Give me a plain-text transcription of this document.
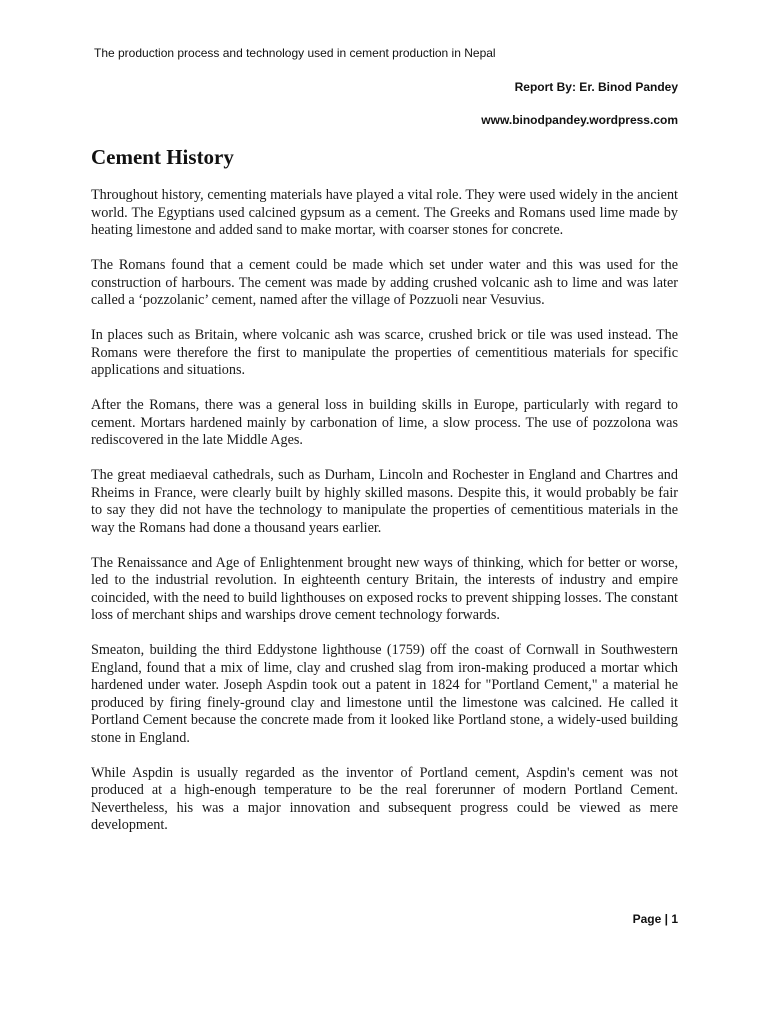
The production process and technology used in cement production in Nepal
Report By: Er. Binod Pandey
www.binodpandey.wordpress.com
Cement History

Throughout history, cementing materials have played a vital role. They were used widely in the ancient world. The Egyptians used calcined gypsum as a cement. The Greeks and Romans used lime made by heating limestone and added sand to make mortar, with coarser stones for concrete.

The Romans found that a cement could be made which set under water and this was used for the construction of harbours. The cement was made by adding crushed volcanic ash to lime and was later called a ‘pozzolanic’ cement, named after the village of Pozzuoli near Vesuvius.

In places such as Britain, where volcanic ash was scarce, crushed brick or tile was used instead. The Romans were therefore the first to manipulate the properties of cementitious materials for specific applications and situations.

After the Romans, there was a general loss in building skills in Europe, particularly with regard to cement. Mortars hardened mainly by carbonation of lime, a slow process. The use of pozzolona was rediscovered in the late Middle Ages.

The great mediaeval cathedrals, such as Durham, Lincoln and Rochester in England and Chartres and Rheims in France, were clearly built by highly skilled masons. Despite this, it would probably be fair to say they did not have the technology to manipulate the properties of cementitious materials in the way the Romans had done a thousand years earlier.

The Renaissance and Age of Enlightenment brought new ways of thinking, which for better or worse, led to the industrial revolution. In eighteenth century Britain, the interests of industry and empire coincided, with the need to build lighthouses on exposed rocks to prevent shipping losses. The constant loss of merchant ships and warships drove cement technology forwards.

Smeaton, building the third Eddystone lighthouse (1759) off the coast of Cornwall in Southwestern England, found that a mix of lime, clay and crushed slag from iron-making produced a mortar which hardened under water. Joseph Aspdin took out a patent in 1824 for "Portland Cement," a material he produced by firing finely-ground clay and limestone until the limestone was calcined. He called it Portland Cement because the concrete made from it looked like Portland stone, a widely-used building stone in England.

While Aspdin is usually regarded as the inventor of Portland cement, Aspdin's cement was not produced at a high-enough temperature to be the real forerunner of modern Portland Cement. Nevertheless, his was a major innovation and subsequent progress could be viewed as mere development.

Page | 1
